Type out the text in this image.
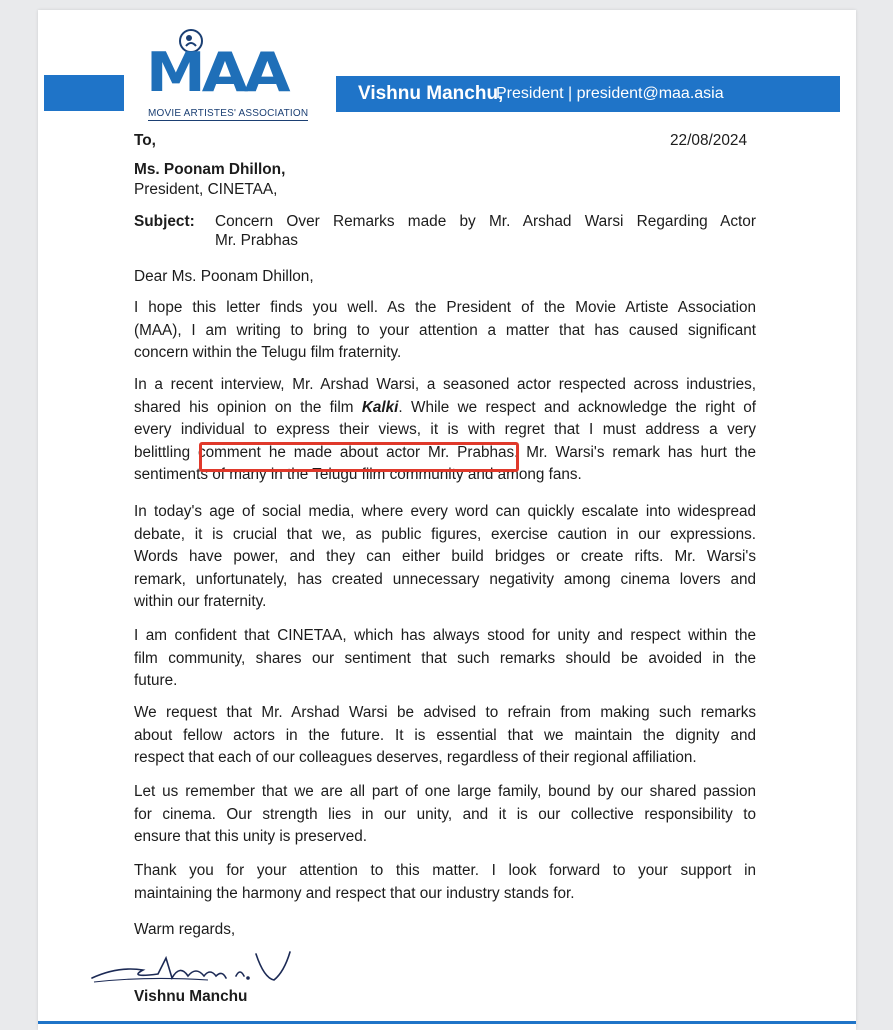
MAA
MOVIE ARTISTES' ASSOCIATION
Vishnu Manchu,
President | president@maa.asia
To,	22/08/2024
Ms. Poonam Dhillon,
President, CINETAA,
Subject: Concern Over Remarks made by Mr. Arshad Warsi Regarding Actor
Mr. Prabhas
Dear Ms. Poonam Dhillon,
I hope this letter finds you well. As the President of the Movie Artiste Association
(MAA), I am writing to bring to your attention a matter that has caused significant
concern within the Telugu film fraternity.
In a recent interview, Mr. Arshad Warsi, a seasoned actor respected across industries,
shared his opinion on the film Kalki. While we respect and acknowledge the right of
every individual to express their views, it is with regret that I must address a very
belittling comment he made about actor Mr. Prabhas. Mr. Warsi's remark has hurt the
sentiments of many in the Telugu film community and among fans.
In today's age of social media, where every word can quickly escalate into widespread
debate, it is crucial that we, as public figures, exercise caution in our expressions.
Words have power, and they can either build bridges or create rifts. Mr. Warsi's
remark, unfortunately, has created unnecessary negativity among cinema lovers and
within our fraternity.
I am confident that CINETAA, which has always stood for unity and respect within the
film community, shares our sentiment that such remarks should be avoided in the
future.
We request that Mr. Arshad Warsi be advised to refrain from making such remarks
about fellow actors in the future. It is essential that we maintain the dignity and
respect that each of our colleagues deserves, regardless of their regional affiliation.
Let us remember that we are all part of one large family, bound by our shared passion
for cinema. Our strength lies in our unity, and it is our collective responsibility to
ensure that this unity is preserved.
Thank you for your attention to this matter. I look forward to your support in
maintaining the harmony and respect that our industry stands for.
Warm regards,
Vishnu Manchu
